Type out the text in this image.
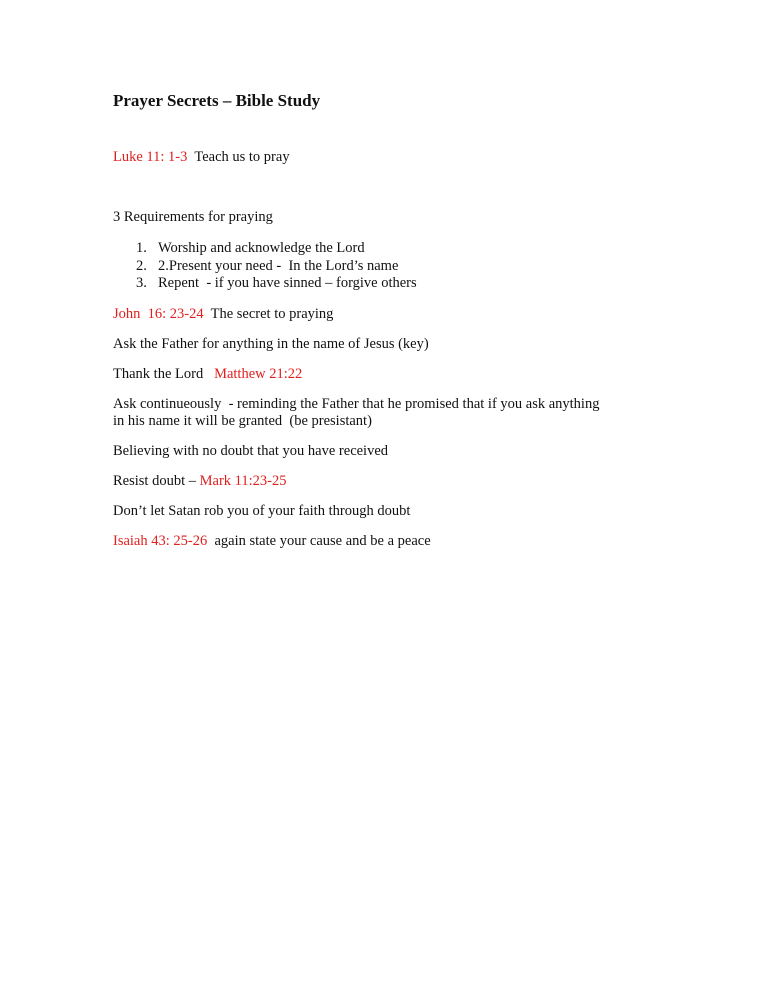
Prayer Secrets – Bible Study

Luke 11: 1-3  Teach us to pray

3 Requirements for praying

1. Worship and acknowledge the Lord
2. 2.Present your need -  In the Lord’s name
3. Repent  - if you have sinned – forgive others

John  16: 23-24  The secret to praying

Ask the Father for anything in the name of Jesus (key)

Thank the Lord   Matthew 21:22

Ask continueously  - reminding the Father that he promised that if you ask anything

in his name it will be granted  (be presistant)

Believing with no doubt that you have received

Resist doubt – Mark 11:23-25

Don’t let Satan rob you of your faith through doubt

Isaiah 43: 25-26  again state your cause and be a peace
